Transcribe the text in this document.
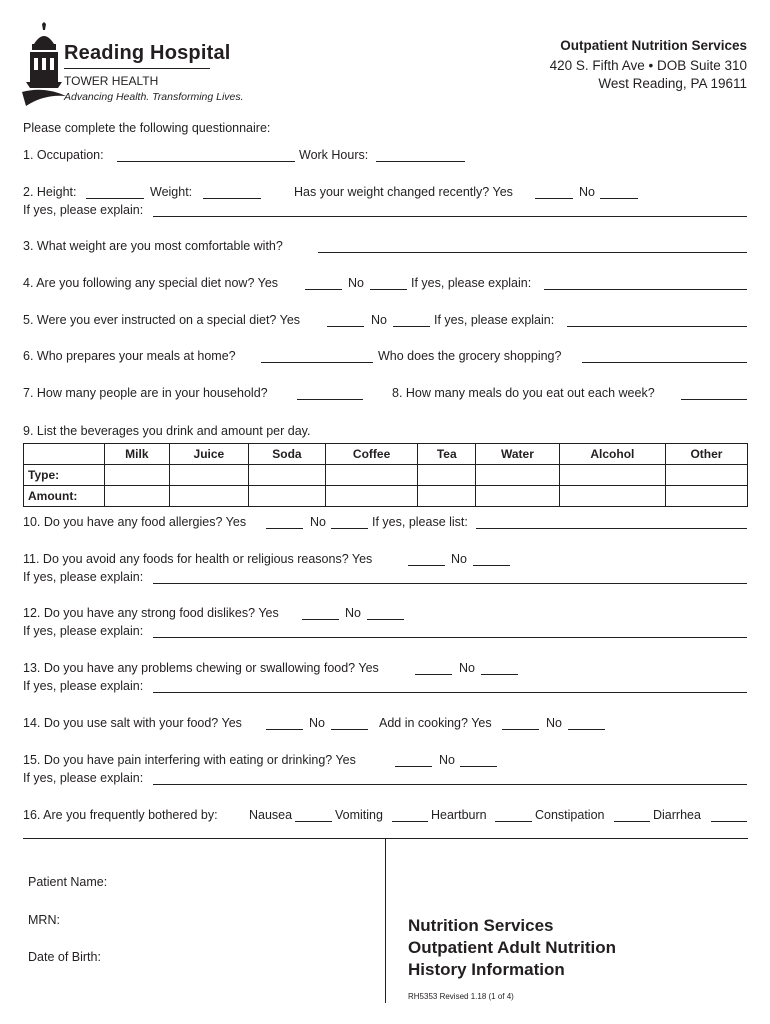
Reading Hospital
TOWER HEALTH
Advancing Health. Transforming Lives.
Outpatient Nutrition Services
420 S. Fifth Ave • DOB Suite 310
West Reading, PA 19611
Please complete the following questionnaire:
1. Occupation:	Work Hours:
2. Height:	Weight:	Has your weight changed recently? Yes	No
If yes, please explain:
3. What weight are you most comfortable with?
4. Are you following any special diet now? Yes	No	If yes, please explain:
5. Were you ever instructed on a special diet? Yes	No	If yes, please explain:
6. Who prepares your meals at home?	Who does the grocery shopping?
7. How many people are in your household?	8. How many meals do you eat out each week?
9. List the beverages you drink and amount per day.
	Milk	Juice	Soda	Coffee	Tea	Water	Alcohol	Other
Type:								
Amount:								
10. Do you have any food allergies? Yes	No	If yes, please list:
11. Do you avoid any foods for health or religious reasons? Yes	No
If yes, please explain:
12. Do you have any strong food dislikes? Yes	No
If yes, please explain:
13. Do you have any problems chewing or swallowing food? Yes	No
If yes, please explain:
14. Do you use salt with your food? Yes	No	Add in cooking? Yes	No
15. Do you have pain interfering with eating or drinking? Yes	No
If yes, please explain:
16. Are you frequently bothered by:	Nausea	Vomiting	Heartburn	Constipation	Diarrhea
Patient Name:
MRN:
Date of Birth:
Nutrition Services
Outpatient Adult Nutrition
History Information
RH5353 Revised 1.18 (1 of 4)
